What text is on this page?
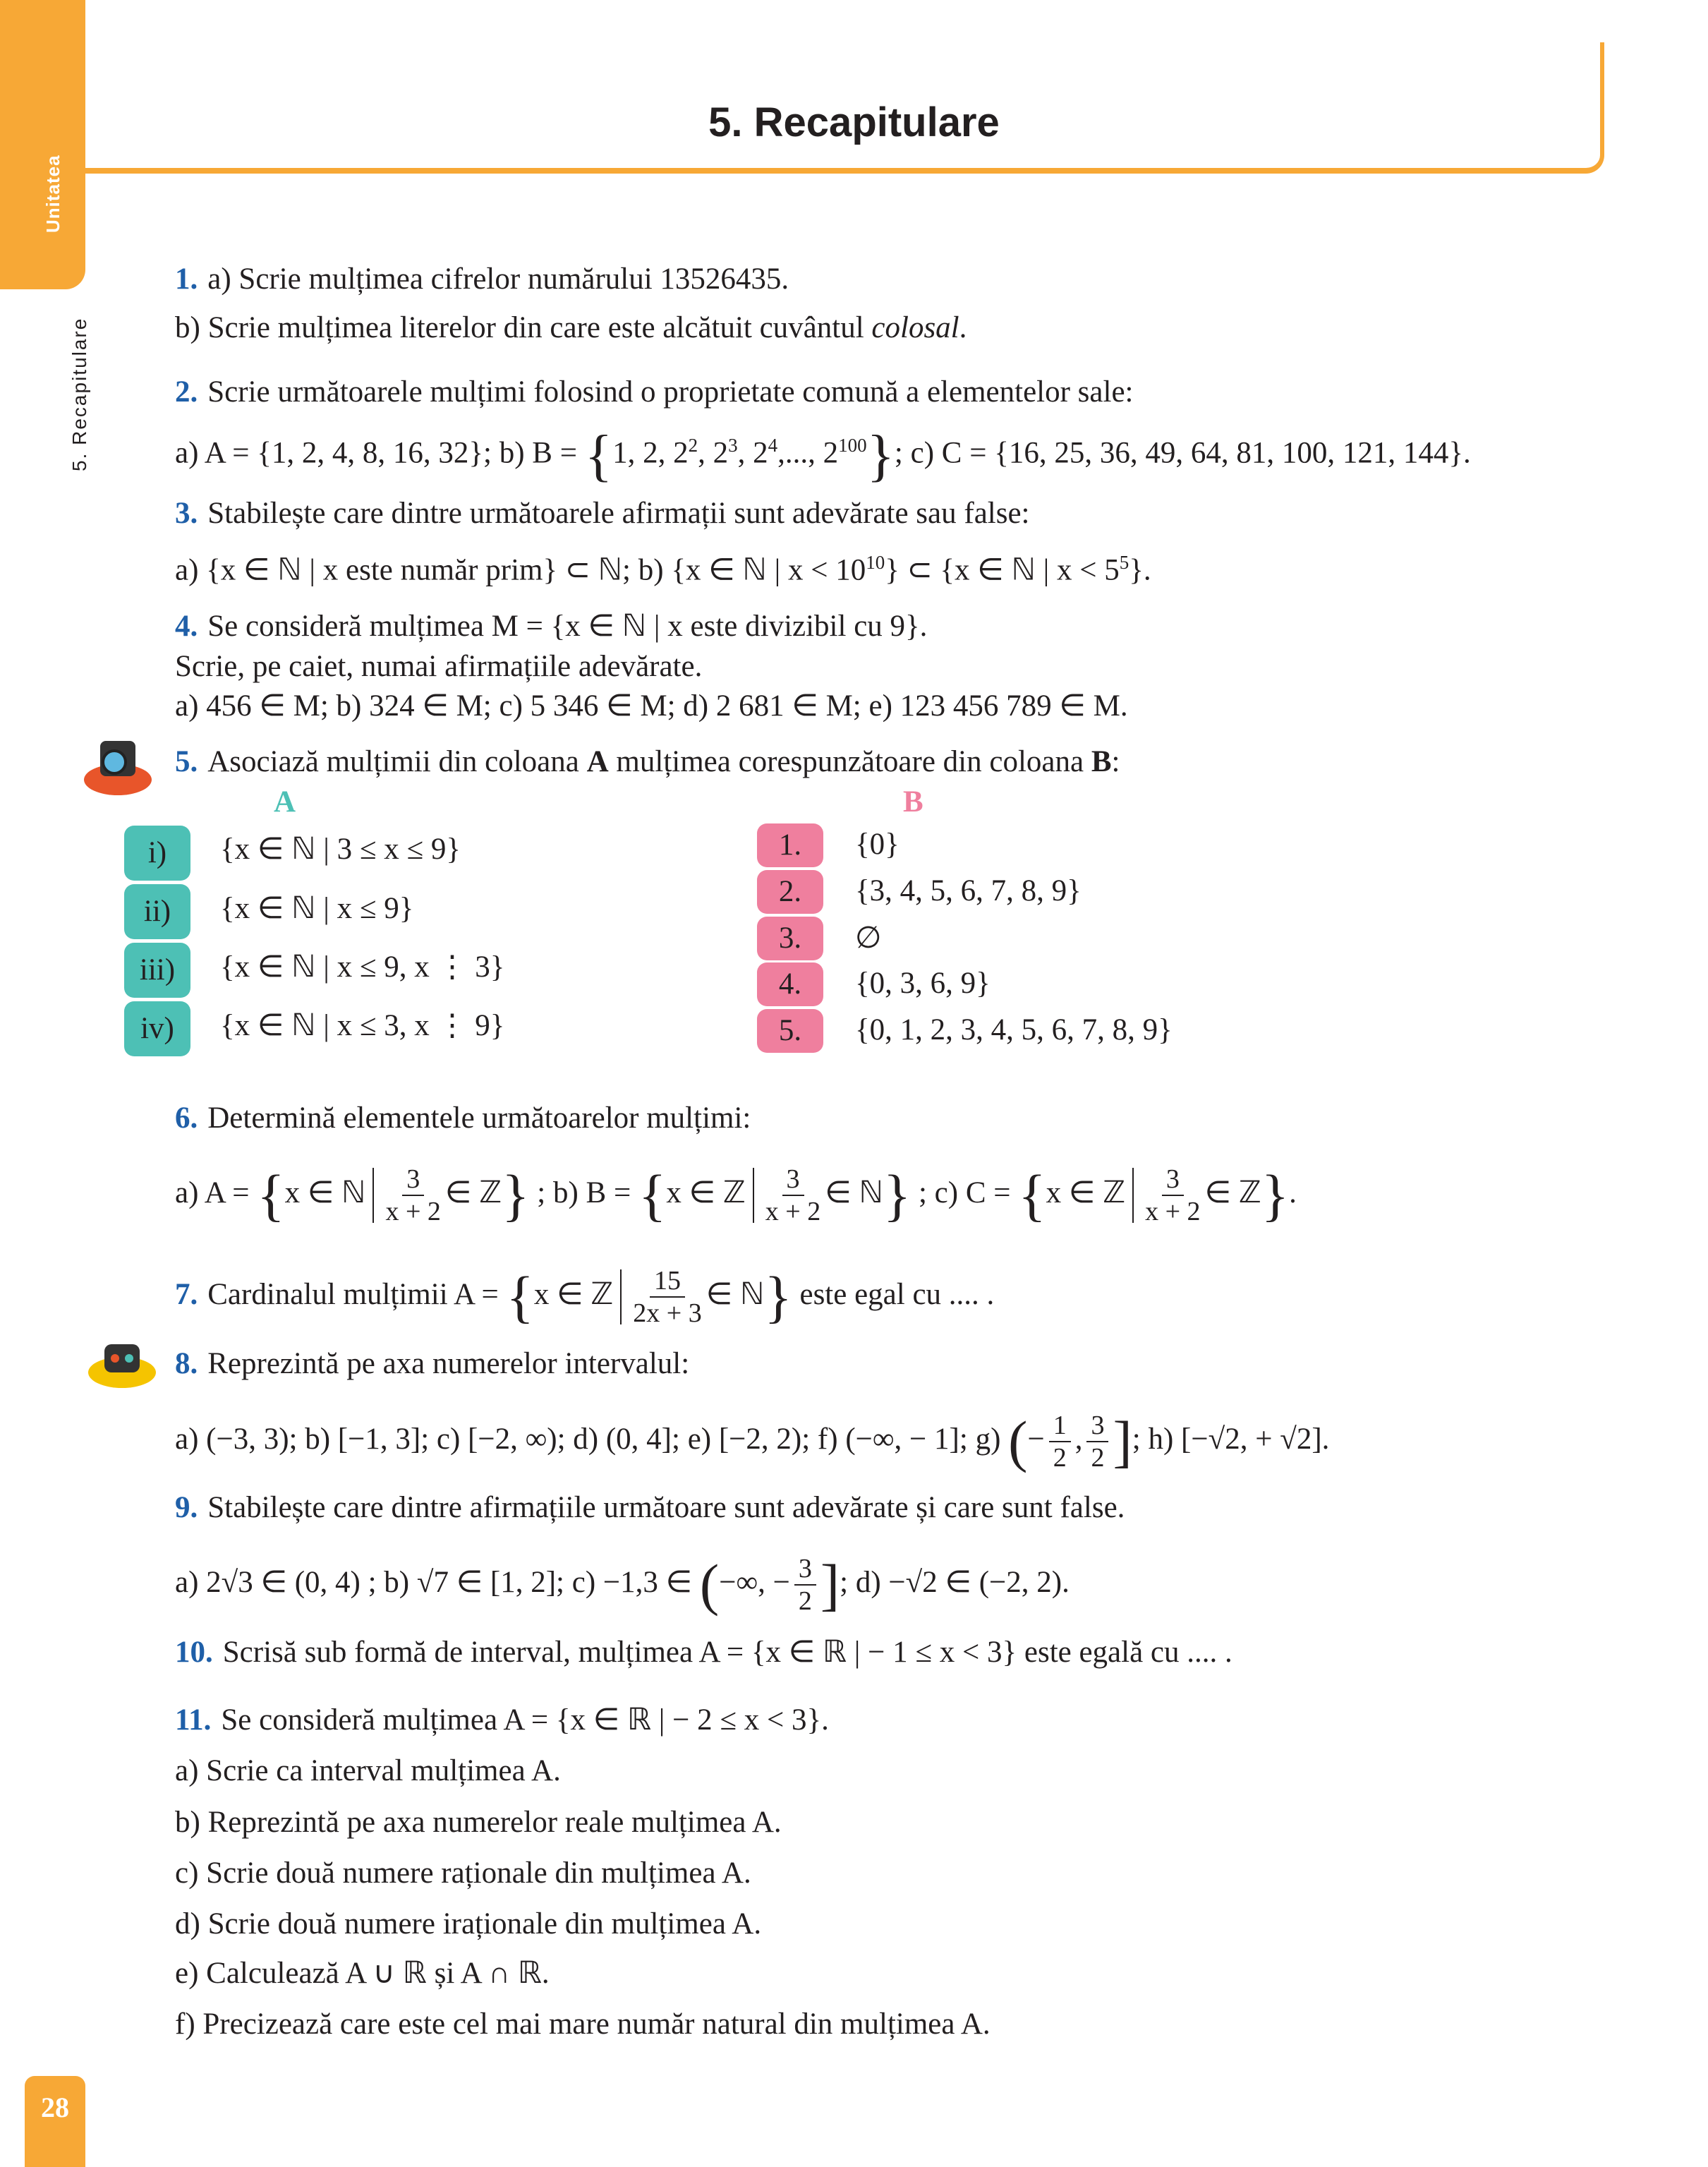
II
Unitatea
5. Recapitulare
5. Recapitulare
1. a) Scrie mulțimea cifrelor numărului 13526435.
b) Scrie mulțimea literelor din care este alcătuit cuvântul colosal.
2. Scrie următoarele mulțimi folosind o proprietate comună a elementelor sale:
a) A = {1, 2, 4, 8, 16, 32}; b) B = {1, 2, $2^2$, $2^3$, $2^4$,..., $2^{100}$}; c) C = {16, 25, 36, 49, 64, 81, 100, 121, 144}.
3. Stabilește care dintre următoarele afirmații sunt adevărate sau false:
a) {x ∈ ℕ | x este număr prim} ⊂ ℕ; b) {x ∈ ℕ | $x < 10^{10}$} ⊂ {x ∈ ℕ | $x < 5^5$}.
4. Se consideră mulțimea M = {x ∈ ℕ | x este divizibil cu 9}.
Scrie, pe caiet, numai afirmațiile adevărate.
a) 456 ∈ M; b) 324 ∈ M; c) 5 346 ∈ M; d) 2 681 ∈ M; e) 123 456 789 ∈ M.
5. Asociază mulțimii din coloana A mulțimea corespunzătoare din coloana B:
A	B
i)	{x ∈ ℕ | 3 ≤ x ≤ 9}
ii)	{x ∈ ℕ | x ≤ 9}
iii)	{x ∈ ℕ | x ≤ 9, x ⋮ 3}
iv)	{x ∈ ℕ | x ≤ 3, x ⋮ 9}
1.	{0}
2.	{3, 4, 5, 6, 7, 8, 9}
3.	∅
4.	{0, 3, 6, 9}
5.	{0, 1, 2, 3, 4, 5, 6, 7, 8, 9}
6. Determină elementele următoarelor mulțimi:
a) A = {x ∈ ℕ $\frac{3}{x + 2}$ ∈ ℤ} ; b) B = {x ∈ ℤ $\frac{3}{x + 2}$ ∈ ℕ} ; c) C = {x ∈ ℤ $\frac{3}{x + 2}$ ∈ ℤ}.
7. Cardinalul mulțimii A = {x ∈ ℤ $\frac{15}{2x + 3}$ ∈ ℕ} este egal cu .... .
8. Reprezintă pe axa numerelor intervalul:
a) (−3, 3); b) [−1, 3]; c) [−2, ∞); d) (0, 4]; e) [−2, 2); f) (−∞, − 1]; g) (− $\frac{1}{2}$ , $\frac{3}{2}$ ]; h) [−√2, + √2].
9. Stabilește care dintre afirmațiile următoare sunt adevărate și care sunt false.
a) 2√3 ∈ (0, 4) ; b) √7 ∈ [1, 2]; c) −1,3 ∈ (−∞, − $\frac{3}{2}$ ]; d) −√2 ∈ (−2, 2).
10. Scrisă sub formă de interval, mulțimea A = {x ∈ ℝ | − 1 ≤ x < 3} este egală cu .... .
11. Se consideră mulțimea A = {x ∈ ℝ | − 2 ≤ x < 3}.
a) Scrie ca interval mulțimea A.
b) Reprezintă pe axa numerelor reale mulțimea A.
c) Scrie două numere raționale din mulțimea A.
d) Scrie două numere iraționale din mulțimea A.
e) Calculează A ∪ ℝ și A ∩ ℝ.
f) Precizează care este cel mai mare număr natural din mulțimea A.
28
